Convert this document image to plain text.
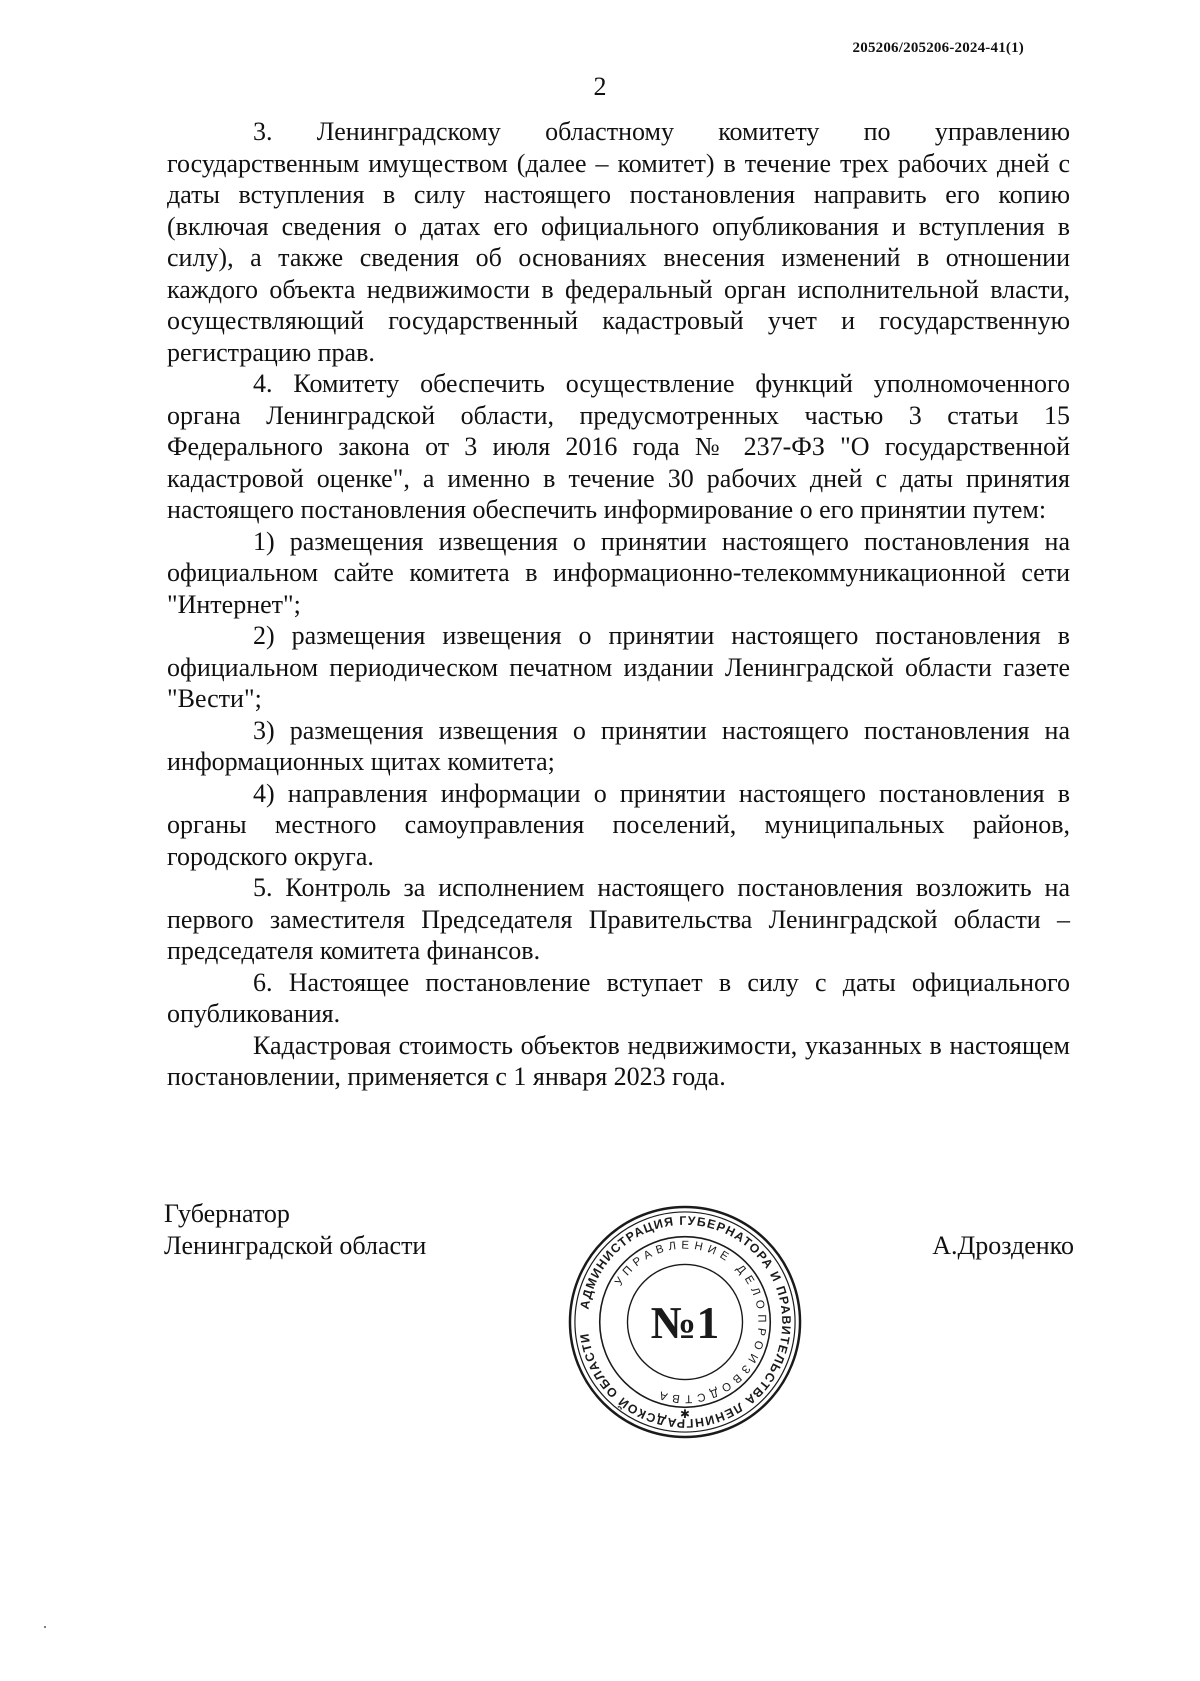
205206/205206-2024-41(1)
2

3. Ленинградскому областному комитету по управлению государственным имуществом (далее – комитет) в течение трех рабочих дней с даты вступления в силу настоящего постановления направить его копию (включая сведения о датах его официального опубликования и вступления в силу), а также сведения об основаниях внесения изменений в отношении каждого объекта недвижимости в федеральный орган исполнительной власти, осуществляющий государственный кадастровый учет и государственную регистрацию прав.

4. Комитету обеспечить осуществление функций уполномоченного органа Ленинградской области, предусмотренных частью 3 статьи 15 Федерального закона от 3 июля 2016 года № 237-ФЗ "О государственной кадастровой оценке", а именно в течение 30 рабочих дней с даты принятия настоящего постановления обеспечить информирование о его принятии путем:

1) размещения извещения о принятии настоящего постановления на официальном сайте комитета в информационно-телекоммуникационной сети "Интернет";

2) размещения извещения о принятии настоящего постановления в официальном периодическом печатном издании Ленинградской области газете "Вести";

3) размещения извещения о принятии настоящего постановления на информационных щитах комитета;

4) направления информации о принятии настоящего постановления в органы местного самоуправления поселений, муниципальных районов, городского округа.

5. Контроль за исполнением настоящего постановления возложить на первого заместителя Председателя Правительства Ленинградской области – председателя комитета финансов.

6. Настоящее постановление вступает в силу с даты официального опубликования.

Кадастровая стоимость объектов недвижимости, указанных в настоящем постановлении, применяется с 1 января 2023 года.

Губернатор
Ленинградской области	А.Дрозденко
АДМИНИСТРАЦИЯ ГУБЕРНАТОРА И ПРАВИТЕЛЬСТВА ЛЕНИНГРАДСКОЙ ОБЛАСТИ
УПРАВЛЕНИЕ ДЕЛОПРОИЗВОДСТВА
№1
✱
